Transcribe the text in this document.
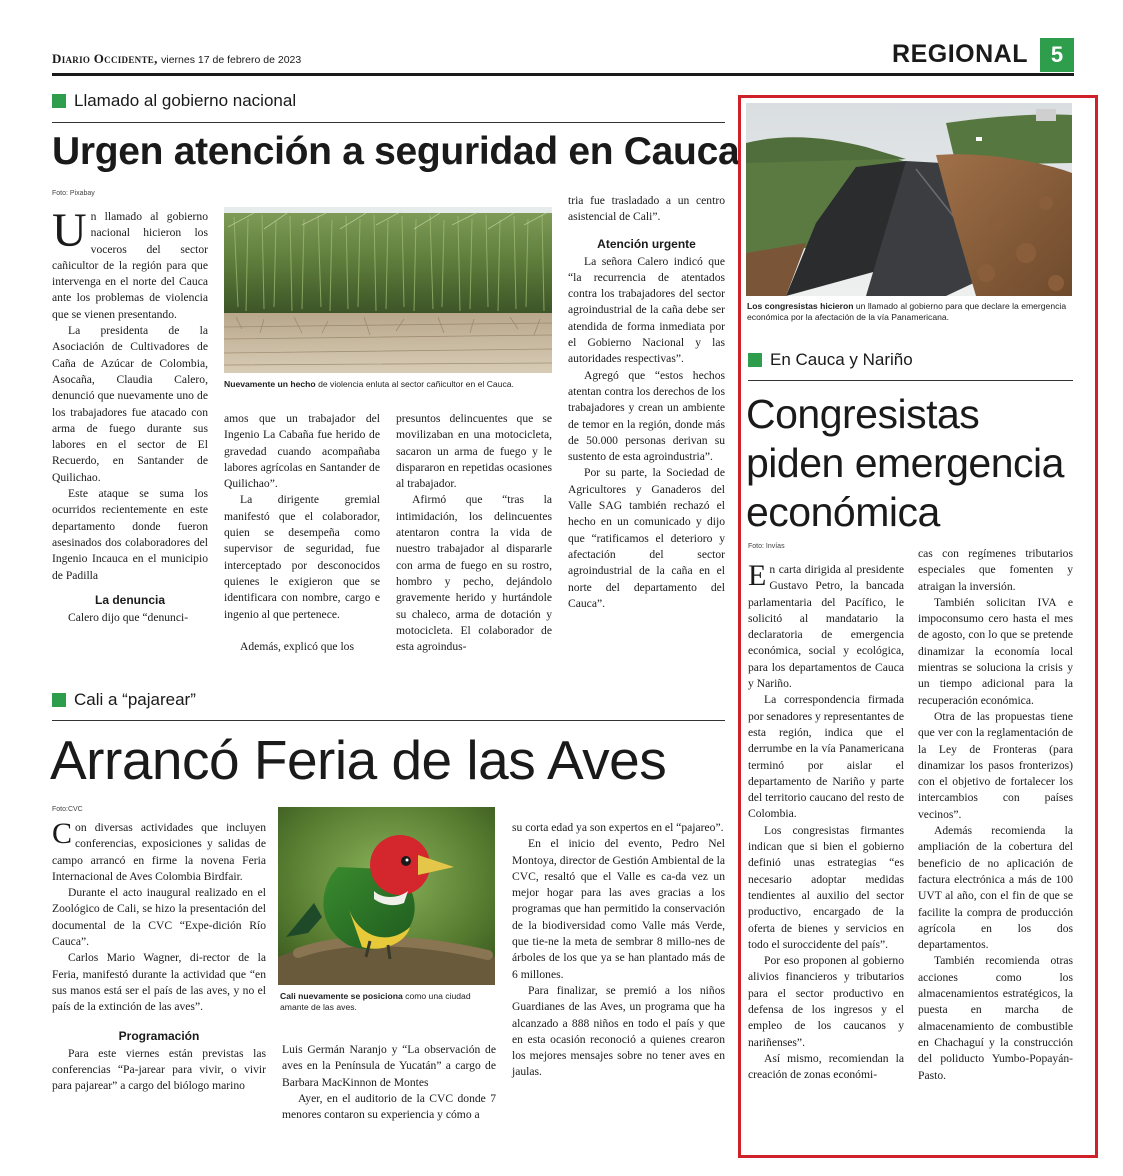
Diario Occidente, viernes 17 de febrero de 2023	REGIONAL	5
Llamado al gobierno nacional
Urgen atención a seguridad en Cauca
Foto: Pixabay
Nuevamente un hecho de violencia enluta al sector cañicultor en el Cauca.

Un llamado al gobierno nacional hicieron los voceros del sector cañicultor de la región para que intervenga en el norte del Cauca ante los problemas de violencia que se vienen presentando.

La presidenta de la Asociación de Cultivadores de Caña de Azúcar de Colombia, Asocaña, Claudia Calero, denunció que nuevamente uno de los trabajadores fue atacado con arma de fuego durante sus labores en el sector de El Recuerdo, en Santander de Quilichao.

Este ataque se suma los ocurridos recientemente en este departamento donde fueron asesinados dos colaboradores del Ingenio Incauca en el municipio de Padilla

La denuncia

Calero dijo que “denunci-

amos que un trabajador del Ingenio La Cabaña fue herido de gravedad cuando acompañaba labores agrícolas en Santander de Quilichao”.

La dirigente gremial manifestó que el colaborador, quien se desempeña como supervisor de seguridad, fue interceptado por desconocidos quienes le exigieron que se identificara con nombre, cargo e ingenio al que pertenece.

Además, explicó que los

presuntos delincuentes que se movilizaban en una motocicleta, sacaron un arma de fuego y le dispararon en repetidas ocasiones al trabajador.

Afirmó que “tras la intimidación, los delincuentes atentaron contra la vida de nuestro trabajador al dispararle con arma de fuego en su rostro, hombro y pecho, dejándolo gravemente herido y hurtándole su chaleco, arma de dotación y motocicleta. El colaborador de esta agroindus-

tria fue trasladado a un centro asistencial de Cali”.

Atención urgente

La señora Calero indicó que “la recurrencia de atentados contra los trabajadores del sector agroindustrial de la caña debe ser atendida de forma inmediata por el Gobierno Nacional y las autoridades respectivas”.

Agregó que “estos hechos atentan contra los derechos de los trabajadores y crean un ambiente de temor en la región, donde más de 50.000 personas derivan su sustento de esta agroindustria”.

Por su parte, la Sociedad de Agricultores y Ganaderos del Valle SAG también rechazó el hecho en un comunicado y dijo que “ratificamos el deterioro y afectación del sector agroindustrial de la caña en el norte del departamento del Cauca”.

Cali a “pajarear”
Arrancó Feria de las Aves
Foto:CVC
Cali nuevamente se posiciona como una ciudad amante de las aves.

Con diversas actividades que incluyen conferencias, exposiciones y salidas de campo arrancó en firme la novena Feria Internacional de Aves Colombia Birdfair.

Durante el acto inaugural realizado en el Zoológico de Cali, se hizo la presentación del documental de la CVC “Expe-dición Río Cauca”.

Carlos Mario Wagner, di-rector de la Feria, manifestó durante la actividad que “en sus manos está ser el país de las aves, y no el país de la extinción de las aves”.

Programación

Para este viernes están previstas las conferencias “Pa-jarear para vivir, o vivir para pajarear” a cargo del biólogo marino

Luis Germán Naranjo y “La observación de aves en la Península de Yucatán” a cargo de Barbara MacKinnon de Montes

Ayer, en el auditorio de la CVC donde 7 menores contaron su experiencia y cómo a

su corta edad ya son expertos en el “pajareo”.

En el inicio del evento, Pedro Nel Montoya, director de Gestión Ambiental de la CVC, resaltó que el Valle es ca-da vez un mejor hogar para las aves gracias a los programas que han permitido la conservación de la biodiversidad como Valle más Verde, que tie-ne la meta de sembrar 8 millo-nes de árboles de los que ya se han plantado más de 6 millones.

Para finalizar, se premió a los niños Guardianes de las Aves, un programa que ha alcanzado a 888 niños en todo el país y que en esta ocasión reconoció a quienes crearon los mejores mensajes sobre no tener aves en jaulas.

Los congresistas hicieron un llamado al gobierno para que declare la emergencia económica por la afectación de la vía Panamericana.
En Cauca y Nariño
Congresistas
piden emergencia
económica
Foto: Invías

En carta dirigida al presidente Gustavo Petro, la bancada parlamentaria del Pacífico, le solicitó al mandatario la declaratoria de emergencia económica, social y ecológica, para los departamentos de Cauca y Nariño.

La correspondencia firmada por senadores y representantes de esta región, indica que el derrumbe en la vía Panamericana terminó por aislar el departamento de Nariño y parte del territorio caucano del resto de Colombia.

Los congresistas firmantes indican que si bien el gobierno definió unas estrategias “es necesario adoptar medidas tendientes al auxilio del sector productivo, encargado de la oferta de bienes y servicios en todo el suroccidente del país”.

Por eso proponen al gobierno alivios financieros y tributarios para el sector productivo en defensa de los ingresos y el empleo de los caucanos y nariñenses”.

Así mismo, recomiendan la creación de zonas económi-

cas con regímenes tributarios especiales que fomenten y atraigan la inversión.

También solicitan IVA e impoconsumo cero hasta el mes de agosto, con lo que se pretende dinamizar la economía local mientras se soluciona la crisis y un tiempo adicional para la recuperación económica.

Otra de las propuestas tiene que ver con la reglamentación de la Ley de Fronteras (para dinamizar los pasos fronterizos) con el objetivo de fortalecer los intercambios con países vecinos”.

Además recomienda la ampliación de la cobertura del beneficio de no aplicación de factura electrónica a más de 100 UVT al año, con el fin de que se facilite la compra de producción agrícola en los dos departamentos.

También recomienda otras acciones como los almacenamientos estratégicos, la puesta en marcha de almacenamiento de combustible en Chachaguí y la construcción del poliducto Yumbo-Popayán-Pasto.
